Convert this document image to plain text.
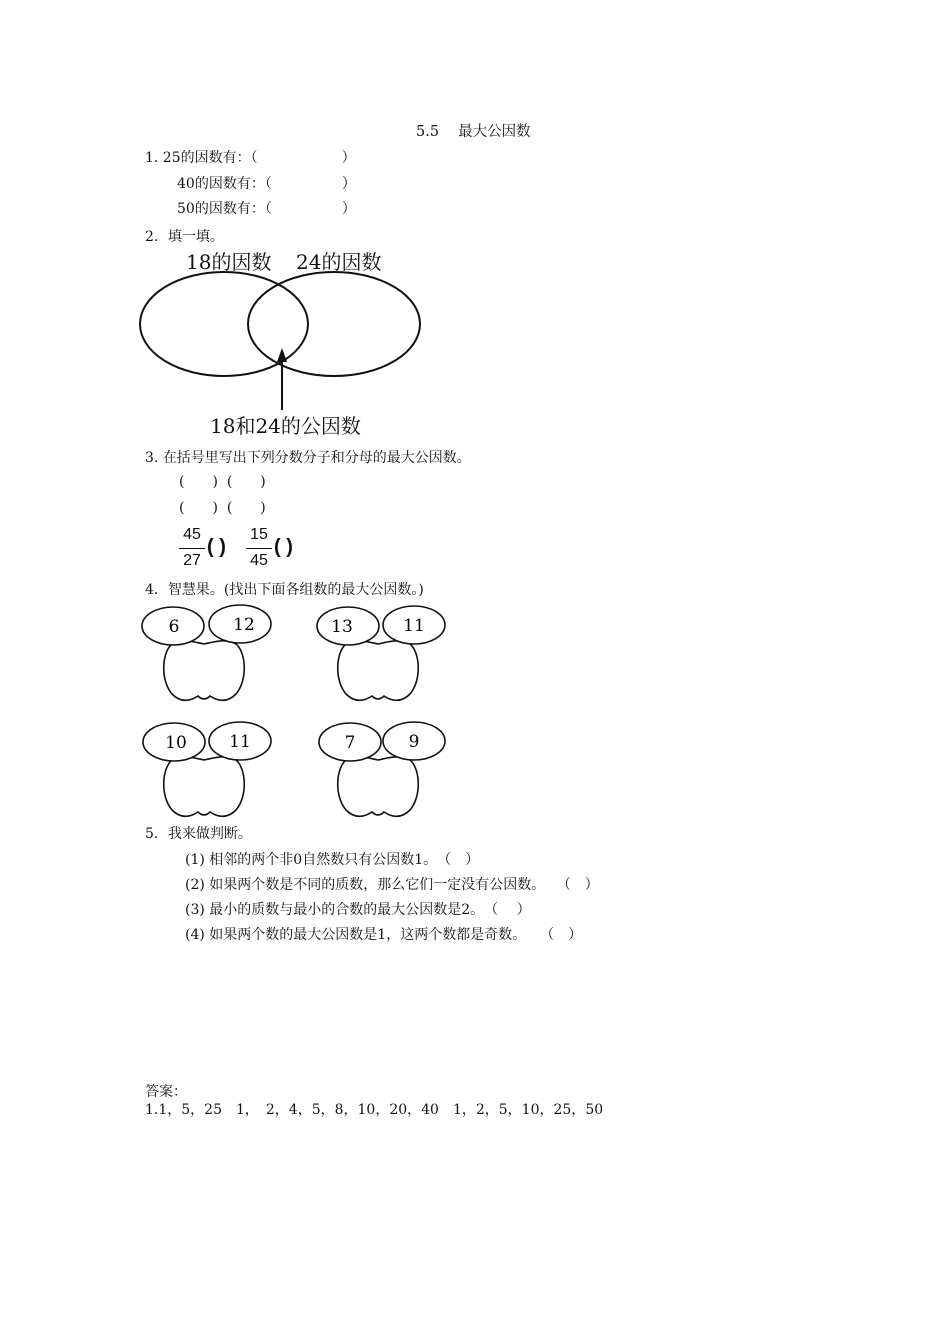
5.5　 最大公因数
1. 25的因数有：（　　　　　　）
40的因数有：（　　　　　）
50的因数有：（　　　　　）
2．填一填。
18的因数 24的因数
18和24的公因数
3. 在括号里写出下列分数分子和分母的最大公因数。
(　　)  (　　)
(　　)  (　　)
45
27
( )
15
45
( )
4．智慧果。(找出下面各组数的最大公因数。)
6	12	13	11
10 11	7	9
5．我来做判断。
(1) 相邻的两个非0自然数只有公因数1。　（　）
(2) 如果两个数是不同的质数，那么它们一定没有公因数。　 （　）
(3) 最小的质数与最小的合数的最大公因数是2。　（　 ）
(4) 如果两个数的最大公因数是1，这两个数都是奇数。　　（　）
答案：
1.1，5，25　1，　2，4，5，8，10，20，40　1，2，5，10，25，50
